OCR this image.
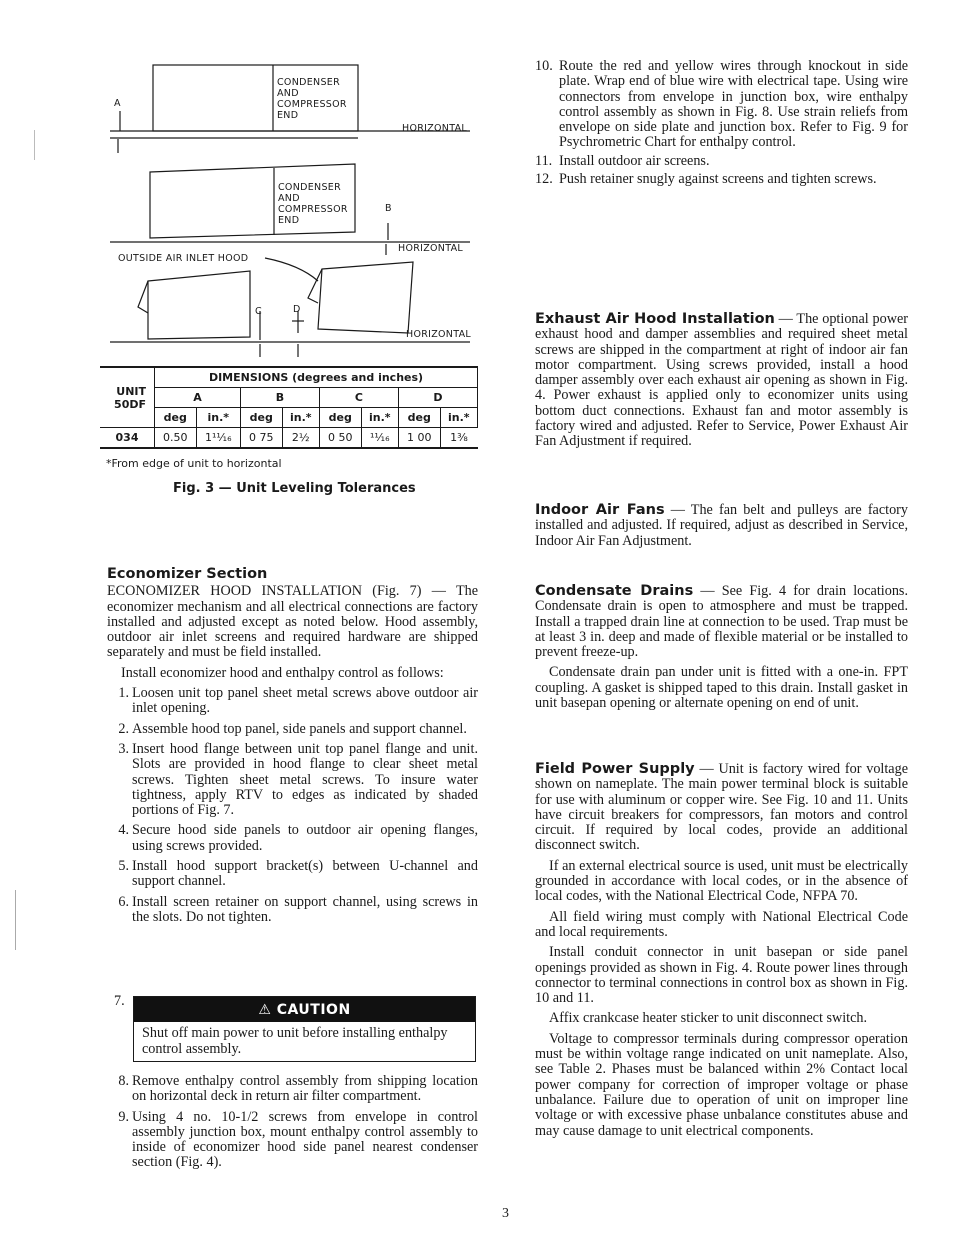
A
CONDENSER
AND
COMPRESSOR
END
HORIZONTAL
CONDENSER
AND
COMPRESSOR
END
B
HORIZONTAL
OUTSIDE AIR INLET HOOD
C	D
HORIZONTAL
UNIT
50DF	DIMENSIONS (degrees and inches)							
	A		B		C		D	
	deg	in.*	deg	in.*	deg	in.*	deg	in.*
034	0.50	1¹¹⁄₁₆	0 75	2½	0 50	¹¹⁄₁₆	1 00	1⅜
*From edge of unit to horizontal
Fig. 3 — Unit Leveling Tolerances
Economizer Section

ECONOMIZER HOOD INSTALLATION (Fig. 7) — The economizer mechanism and all electrical connections are factory installed and adjusted except as noted below. Hood assembly, outdoor air inlet screens and required hardware are shipped separately and must be field installed.

Install economizer hood and enthalpy control as follows:

1. Loosen unit top panel sheet metal screws above outdoor air inlet opening.
2. Assemble hood top panel, side panels and support channel.
3. Insert hood flange between unit top panel flange and unit. Slots are provided in hood flange to clear sheet metal screws. Tighten sheet metal screws. To insure water tightness, apply RTV to edges as indicated by shaded portions of Fig. 7.
4. Secure hood side panels to outdoor air opening flanges, using screws provided.
5. Install hood support bracket(s) between U-channel and support channel.
6. Install screen retainer on support channel, using screws in the slots. Do not tighten.
7.
⚠ CAUTION
Shut off main power to unit before installing enthalpy control assembly.
8. Remove enthalpy control assembly from shipping location on horizontal deck in return air filter compartment.
9. Using 4 no. 10-1/2 screws from envelope in control assembly junction box, mount enthalpy control assembly to inside of economizer hood side panel nearest condenser section (Fig. 4).
10. Route the red and yellow wires through knockout in side plate. Wrap end of blue wire with electrical tape. Using wire connectors from envelope in junction box, wire enthalpy control assembly as shown in Fig. 8. Use strain reliefs from envelope on side plate and junction box. Refer to Fig. 9 for Psychrometric Chart for enthalpy control.
11. Install outdoor air screens.
12. Push retainer snugly against screens and tighten screws.

Exhaust Air Hood Installation — The optional power exhaust hood and damper assemblies and required sheet metal screws are shipped in the compartment at right of indoor air fan motor compartment. Using screws provided, install a hood damper assembly over each exhaust air opening as shown in Fig. 4. Power exhaust is applied only to economizer units using bottom duct connections. Exhaust fan and motor assembly is factory wired and adjusted. Refer to Service, Power Exhaust Air Fan Adjustment if required.

Indoor Air Fans — The fan belt and pulleys are factory installed and adjusted. If required, adjust as described in Service, Indoor Air Fan Adjustment.

Condensate Drains — See Fig. 4 for drain locations. Condensate drain is open to atmosphere and must be trapped. Install a trapped drain line at connection to be used. Trap must be at least 3 in. deep and made of flexible material or be installed to prevent freeze-up.

Condensate drain pan under unit is fitted with a one-in. FPT coupling. A gasket is shipped taped to this drain. Install gasket in unit basepan opening or alternate opening on end of unit.

Field Power Supply — Unit is factory wired for voltage shown on nameplate. The main power terminal block is suitable for use with aluminum or copper wire. See Fig. 10 and 11. Units have circuit breakers for compressors, fan motors and control circuit. If required by local codes, provide an additional disconnect switch.

If an external electrical source is used, unit must be electrically grounded in accordance with local codes, or in the absence of local codes, with the National Electrical Code, NFPA 70.

All field wiring must comply with National Electrical Code and local requirements.

Install conduit connector in unit basepan or side panel openings provided as shown in Fig. 4. Route power lines through connector to terminal connections in control box as shown in Fig. 10 and 11.

Affix crankcase heater sticker to unit disconnect switch.

Voltage to compressor terminals during compressor operation must be within voltage range indicated on unit nameplate. Also, see Table 2. Phases must be balanced within 2% Contact local power company for correction of improper voltage or phase unbalance. Failure due to operation of unit on improper line voltage or with excessive phase unbalance constitutes abuse and may cause damage to unit electrical components.

3
